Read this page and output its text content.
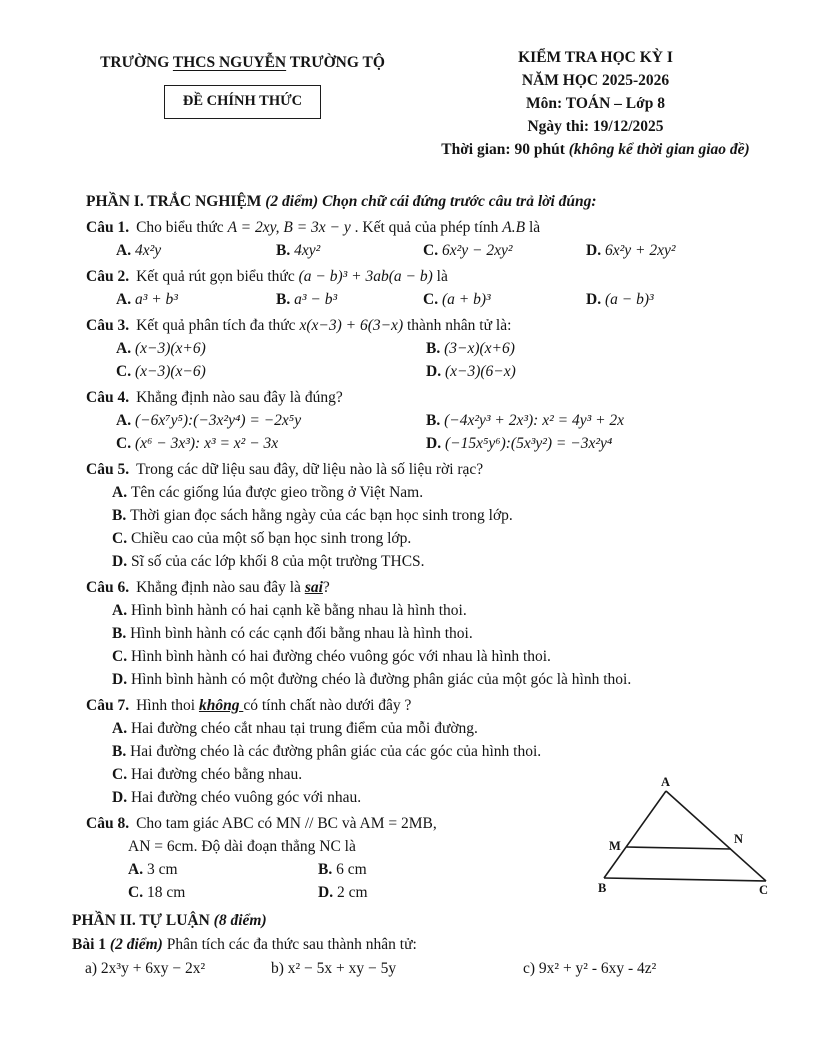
TRƯỜNG THCS NGUYỄN TRƯỜNG TỘ
ĐỀ CHÍNH THỨC
KIỂM TRA HỌC KỲ I
NĂM HỌC 2025-2026
Môn: TOÁN – Lớp 8
Ngày thi: 19/12/2025
Thời gian: 90 phút (không kể thời gian giao đề)
PHẦN I. TRẮC NGHIỆM (2 điểm) Chọn chữ cái đứng trước câu trả lời đúng:
Câu 1. Cho biểu thức A = 2xy, B = 3x − y . Kết quả của phép tính A.B là
A. 4x²y	B. 4xy²	C. 6x²y − 2xy²	D. 6x²y + 2xy²
Câu 2. Kết quả rút gọn biểu thức (a − b)³ + 3ab(a − b) là
A. a³ + b³	B. a³ − b³	C. (a + b)³	D. (a − b)³
Câu 3. Kết quả phân tích đa thức x(x−3) + 6(3−x) thành nhân tử là:
A. (x−3)(x+6)	B. (3−x)(x+6)
C. (x−3)(x−6)	D. (x−3)(6−x)
Câu 4. Khẳng định nào sau đây là đúng?
A. (−6x⁷y⁵):(−3x²y⁴) = −2x⁵y	B. (−4x²y³ + 2x³): x² = 4y³ + 2x
C. (x⁶ − 3x³): x³ = x² − 3x	D. (−15x⁵y⁶):(5x³y²) = −3x²y⁴
Câu 5. Trong các dữ liệu sau đây, dữ liệu nào là số liệu rời rạc?
A. Tên các giống lúa được gieo trồng ở Việt Nam.
B. Thời gian đọc sách hằng ngày của các bạn học sinh trong lớp.
C. Chiều cao của một số bạn học sinh trong lớp.
D. Sĩ số của các lớp khối 8 của một trường THCS.
Câu 6. Khẳng định nào sau đây là sai?
A. Hình bình hành có hai cạnh kề bằng nhau là hình thoi.
B. Hình bình hành có các cạnh đối bằng nhau là hình thoi.
C. Hình bình hành có hai đường chéo vuông góc với nhau là hình thoi.
D. Hình bình hành có một đường chéo là đường phân giác của một góc là hình thoi.
Câu 7. Hình thoi không có tính chất nào dưới đây ?
A. Hai đường chéo cắt nhau tại trung điểm của mỗi đường.
B. Hai đường chéo là các đường phân giác của các góc của hình thoi.
C. Hai đường chéo bằng nhau.
D. Hai đường chéo vuông góc với nhau.
Câu 8. Cho tam giác ABC có MN // BC và AM = 2MB,
AN = 6cm. Độ dài đoạn thẳng NC là
A. 3 cm	B. 6 cm
C. 18 cm	D. 2 cm
A
B	C
M	N
PHẦN II. TỰ LUẬN (8 điểm)
Bài 1 (2 điểm) Phân tích các đa thức sau thành nhân tử:
a) 2x³y + 6xy − 2x²	b) x² − 5x + xy − 5y	c) 9x² + y² - 6xy - 4z²
